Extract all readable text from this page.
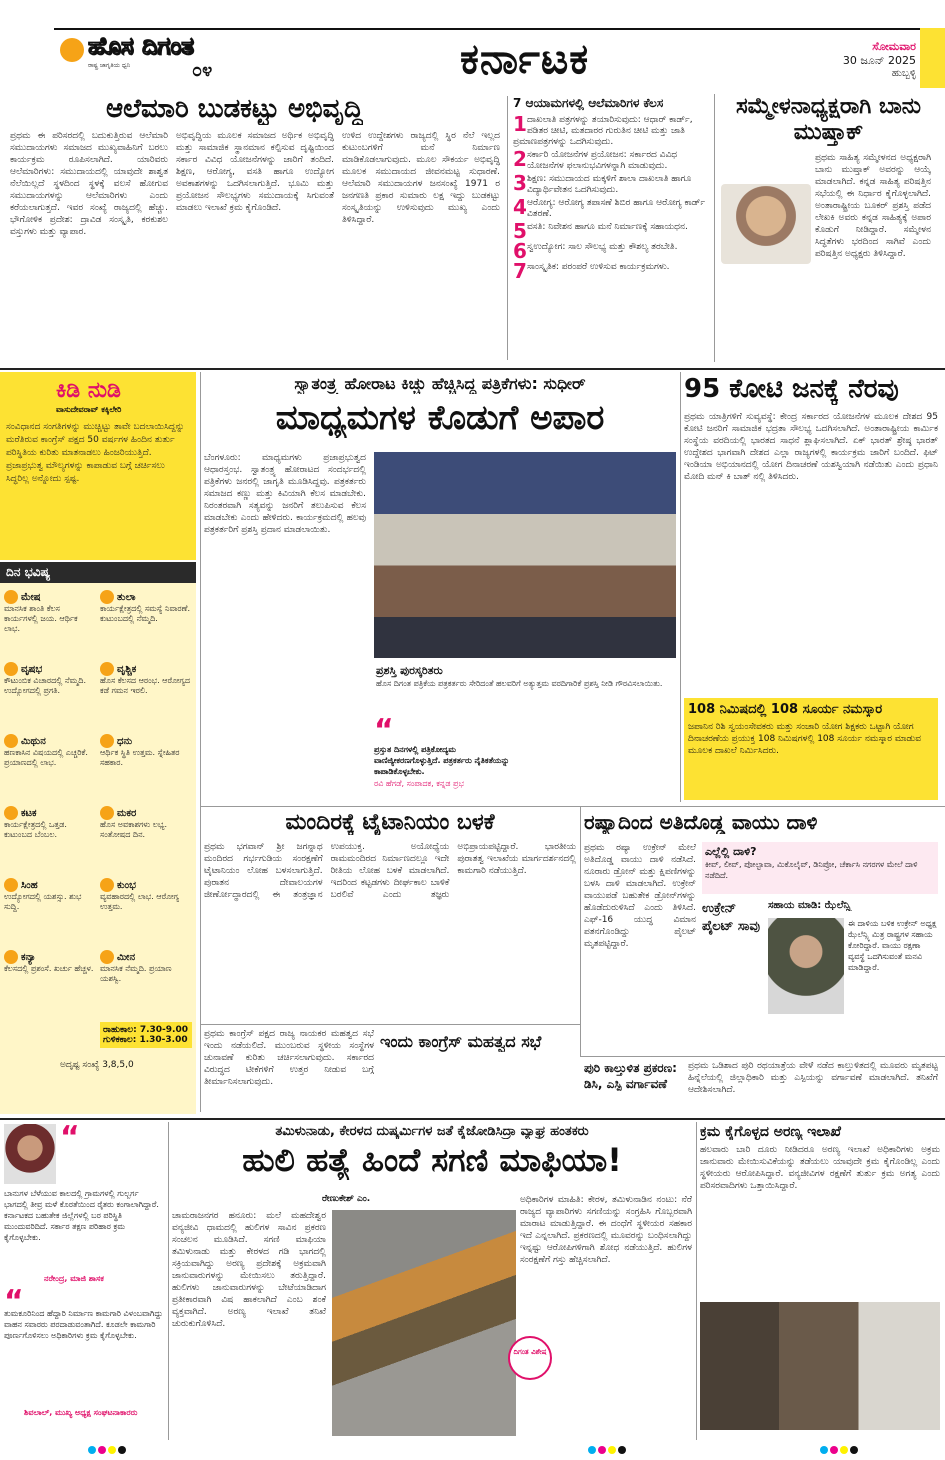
ಹೊಸ ದಿಗಂತ
ರಾಷ್ಟ್ರ ಜಾಗೃತಿಯ ಧ್ವನಿ	೦೪	ಕರ್ನಾಟಕ	ಸೋಮವಾರ
30 ಜೂನ್ 2025
ಹುಬ್ಬಳ್ಳಿ
ಆಲೆಮಾರಿ ಬುಡಕಟ್ಟು ಅಭಿವೃದ್ಧಿ
ಪ್ರಥಮ ಈ ಪರಿಸರದಲ್ಲಿ ಬದುಕುತ್ತಿರುವ ಆಲೆಮಾರಿ ಸಮುದಾಯಗಳು ಸಮಾಜದ ಮುಖ್ಯವಾಹಿನಿಗೆ ಬರಲು ಕಾರ್ಯಕ್ರಮ ರೂಪಿಸಲಾಗಿದೆ. ಯಾರಿವರು ಆಲೆಮಾರಿಗಳು: ಸಮುದಾಯದಲ್ಲಿ ಯಾವುದೇ ಶಾಶ್ವತ ನೆಲೆಯಿಲ್ಲದೆ ಸ್ಥಳದಿಂದ ಸ್ಥಳಕ್ಕೆ ವಲಸೆ ಹೋಗುವ ಸಮುದಾಯಗಳನ್ನು ಆಲೆಮಾರಿಗಳು ಎಂದು ಕರೆಯಲಾಗುತ್ತದೆ. ಇವರ ಸಂಖ್ಯೆ ರಾಜ್ಯದಲ್ಲಿ ಹೆಚ್ಚು. ಭೌಗೋಳಿಕ ಪ್ರದೇಶ: ದ್ರಾವಿಡ ಸಂಸ್ಕೃತಿ, ಕರಕುಶಲ ವಸ್ತುಗಳು ಮತ್ತು ವ್ಯಾಪಾರ.
ಅಭಿವೃದ್ಧಿಯ ಮೂಲಕ ಸಮಾಜದ ಅರ್ಥಿಕ ಅಭಿವೃದ್ಧಿ ಮತ್ತು ಸಾಮಾಜಿಕ ಸ್ಥಾನಮಾನ ಕಲ್ಪಿಸುವ ದೃಷ್ಟಿಯಿಂದ ಸರ್ಕಾರ ವಿವಿಧ ಯೋಜನೆಗಳನ್ನು ಜಾರಿಗೆ ತಂದಿದೆ. ಶಿಕ್ಷಣ, ಆರೋಗ್ಯ, ವಸತಿ ಹಾಗೂ ಉದ್ಯೋಗ ಅವಕಾಶಗಳನ್ನು ಒದಗಿಸಲಾಗುತ್ತಿದೆ. ಭೂಮಿ ಮತ್ತು ಪ್ರಯೋಜನ ಸೌಲಭ್ಯಗಳು ಸಮುದಾಯಕ್ಕೆ ಸಿಗುವಂತೆ ಮಾಡಲು ಇಲಾಖೆ ಕ್ರಮ ಕೈಗೊಂಡಿದೆ.
ಉಳಿದ ಉದ್ದೇಶಗಳು ರಾಜ್ಯದಲ್ಲಿ ಸ್ಥಿರ ನೆಲೆ ಇಲ್ಲದ ಕುಟುಂಬಗಳಿಗೆ ಮನೆ ನಿರ್ಮಾಣ ಮಾಡಿಕೊಡಲಾಗುವುದು. ಮೂಲ ಸೌಕರ್ಯ ಅಭಿವೃದ್ಧಿ ಮೂಲಕ ಸಮುದಾಯದ ಜೀವನಮಟ್ಟ ಸುಧಾರಣೆ. ಆಲೆಮಾರಿ ಸಮುದಾಯಗಳ ಜನಸಂಖ್ಯೆ 1971 ರ ಜನಗಣತಿ ಪ್ರಕಾರ ಸುಮಾರು ಲಕ್ಷ ಇದ್ದು ಬುಡಕಟ್ಟು ಸಂಸ್ಕೃತಿಯನ್ನು ಉಳಿಸುವುದು ಮುಖ್ಯ ಎಂದು ತಿಳಿಸಿದ್ದಾರೆ.
7 ಆಯಾಮಗಳಲ್ಲಿ ಆಲೆಮಾರಿಗಳ ಕೆಲಸ
1 ದಾಖಲಾತಿ ಪತ್ರಗಳನ್ನು ತಯಾರಿಸುವುದು: ಆಧಾರ್ ಕಾರ್ಡ್, ಪಡಿತರ ಚೀಟಿ, ಮತದಾರರ ಗುರುತಿನ ಚೀಟಿ ಮತ್ತು ಜಾತಿ ಪ್ರಮಾಣಪತ್ರಗಳನ್ನು ಒದಗಿಸುವುದು.
2 ಸರ್ಕಾರಿ ಯೋಜನೆಗಳ ಪ್ರಯೋಜನ: ಸರ್ಕಾರದ ವಿವಿಧ ಯೋಜನೆಗಳ ಫಲಾನುಭವಿಗಳನ್ನಾಗಿ ಮಾಡುವುದು.
3 ಶಿಕ್ಷಣ: ಸಮುದಾಯದ ಮಕ್ಕಳಿಗೆ ಶಾಲಾ ದಾಖಲಾತಿ ಹಾಗೂ ವಿದ್ಯಾರ್ಥಿವೇತನ ಒದಗಿಸುವುದು.
4 ಆರೋಗ್ಯ: ಆರೋಗ್ಯ ತಪಾಸಣೆ ಶಿಬಿರ ಹಾಗೂ ಆರೋಗ್ಯ ಕಾರ್ಡ್ ವಿತರಣೆ.
5 ವಸತಿ: ನಿವೇಶನ ಹಾಗೂ ಮನೆ ನಿರ್ಮಾಣಕ್ಕೆ ಸಹಾಯಧನ.
6 ಸ್ವಉದ್ಯೋಗ: ಸಾಲ ಸೌಲಭ್ಯ ಮತ್ತು ಕೌಶಲ್ಯ ತರಬೇತಿ.
7 ಸಾಂಸ್ಕೃತಿಕ: ಪರಂಪರೆ ಉಳಿಸುವ ಕಾರ್ಯಕ್ರಮಗಳು.
ಸಮ್ಮೇಳನಾಧ್ಯಕ್ಷರಾಗಿ ಬಾನು ಮುಷ್ತಾಕ್
ಪ್ರಥಮ ಸಾಹಿತ್ಯ ಸಮ್ಮೇಳನದ ಅಧ್ಯಕ್ಷರಾಗಿ ಬಾನು ಮುಷ್ತಾಕ್ ಅವರನ್ನು ಆಯ್ಕೆ ಮಾಡಲಾಗಿದೆ. ಕನ್ನಡ ಸಾಹಿತ್ಯ ಪರಿಷತ್ತಿನ ಸಭೆಯಲ್ಲಿ ಈ ನಿರ್ಧಾರ ಕೈಗೊಳ್ಳಲಾಗಿದೆ. ಅಂತಾರಾಷ್ಟ್ರೀಯ ಬೂಕರ್ ಪ್ರಶಸ್ತಿ ಪಡೆದ ಲೇಖಕಿ ಅವರು ಕನ್ನಡ ಸಾಹಿತ್ಯಕ್ಕೆ ಅಪಾರ ಕೊಡುಗೆ ನೀಡಿದ್ದಾರೆ. ಸಮ್ಮೇಳನ ಸಿದ್ಧತೆಗಳು ಭರದಿಂದ ಸಾಗಿವೆ ಎಂದು ಪರಿಷತ್ತಿನ ಅಧ್ಯಕ್ಷರು ತಿಳಿಸಿದ್ದಾರೆ.
ಕಿಡಿ ನುಡಿ
ವಾಸುದೇವರಾವ್ ಕಕ್ಕಿಲೇರಿ
ಸಂವಿಧಾನದ ಸಂಗತಿಗಳನ್ನು ಮುಚ್ಚಿಟ್ಟು ತಾವೇ ಬದಲಾಯಿಸಿದ್ದನ್ನು ಮರೆತಿರುವ ಕಾಂಗ್ರೆಸ್ ಪಕ್ಷದ 50 ವರ್ಷಗಳ ಹಿಂದಿನ ತುರ್ತು ಪರಿಸ್ಥಿತಿಯ ಕುರಿತು ಮಾತನಾಡಲು ಹಿಂಜರಿಯುತ್ತಿದೆ. ಪ್ರಜಾಪ್ರಭುತ್ವ ಮೌಲ್ಯಗಳನ್ನು ಕಾಪಾಡುವ ಬಗ್ಗೆ ಚರ್ಚಿಸಲು ಸಿದ್ಧರಿಲ್ಲ ಅನ್ನೋದು ಸ್ಪಷ್ಟ.
ದಿನ ಭವಿಷ್ಯ
ಮೇಷ
ಮಾನಸಿಕ ಶಾಂತಿ ಕೆಲಸ ಕಾರ್ಯಗಳಲ್ಲಿ ಜಯ. ಆರ್ಥಿಕ ಲಾಭ.
ತುಲಾ
ಕಾರ್ಯಕ್ಷೇತ್ರದಲ್ಲಿ ಸಮಸ್ಯೆ ನಿವಾರಣೆ. ಕುಟುಂಬದಲ್ಲಿ ನೆಮ್ಮದಿ.
ವೃಷಭ
ಕೌಟುಂಬಿಕ ವಿಚಾರದಲ್ಲಿ ನೆಮ್ಮದಿ. ಉದ್ಯೋಗದಲ್ಲಿ ಪ್ರಗತಿ.
ವೃಶ್ಚಿಕ
ಹೊಸ ಕೆಲಸದ ಆರಂಭ. ಆರೋಗ್ಯದ ಕಡೆ ಗಮನ ಇರಲಿ.
ಮಿಥುನ
ಹಣಕಾಸಿನ ವಿಷಯದಲ್ಲಿ ಎಚ್ಚರಿಕೆ. ಪ್ರಯಾಣದಲ್ಲಿ ಲಾಭ.
ಧನು
ಆರ್ಥಿಕ ಸ್ಥಿತಿ ಉತ್ತಮ. ಸ್ನೇಹಿತರ ಸಹಕಾರ.
ಕಟಕ
ಕಾರ್ಯಕ್ಷೇತ್ರದಲ್ಲಿ ಒತ್ತಡ. ಕುಟುಂಬದ ಬೆಂಬಲ.
ಮಕರ
ಹೊಸ ಅವಕಾಶಗಳು ಲಭ್ಯ. ಸಂತೋಷದ ದಿನ.
ಸಿಂಹ
ಉದ್ಯೋಗದಲ್ಲಿ ಯಶಸ್ಸು. ಶುಭ ಸುದ್ದಿ.
ಕುಂಭ
ವ್ಯವಹಾರದಲ್ಲಿ ಲಾಭ. ಆರೋಗ್ಯ ಉತ್ತಮ.
ಕನ್ಯಾ
ಕೆಲಸದಲ್ಲಿ ಪ್ರಶಂಸೆ. ಖರ್ಚು ಹೆಚ್ಚಳ.
ಮೀನ
ಮಾನಸಿಕ ನೆಮ್ಮದಿ. ಪ್ರಯಾಣ ಯಶಸ್ವಿ.
ರಾಹುಕಾಲ: 7.30-9.00
ಗುಳಿಕಕಾಲ: 1.30-3.00
ಅದೃಷ್ಟ ಸಂಖ್ಯೆ 3,8,5,0
ಸ್ವಾತಂತ್ರ್ಯ ಹೋರಾಟ ಕಿಚ್ಚು ಹೆಚ್ಚಿಸಿದ್ದ ಪತ್ರಿಕೆಗಳು: ಸುಧೀರ್
ಮಾಧ್ಯಮಗಳ ಕೊಡುಗೆ ಅಪಾರ
ಬೆಂಗಳೂರು: ಮಾಧ್ಯಮಗಳು ಪ್ರಜಾಪ್ರಭುತ್ವದ ಆಧಾರಸ್ತಂಭ. ಸ್ವಾತಂತ್ರ್ಯ ಹೋರಾಟದ ಸಂದರ್ಭದಲ್ಲಿ ಪತ್ರಿಕೆಗಳು ಜನರಲ್ಲಿ ಜಾಗೃತಿ ಮೂಡಿಸಿದ್ದವು. ಪತ್ರಕರ್ತರು ಸಮಾಜದ ಕಣ್ಣು ಮತ್ತು ಕಿವಿಯಾಗಿ ಕೆಲಸ ಮಾಡಬೇಕು. ನಿರಂತರವಾಗಿ ಸತ್ಯವನ್ನು ಜನರಿಗೆ ತಲುಪಿಸುವ ಕೆಲಸ ಮಾಡಬೇಕು ಎಂದು ಹೇಳಿದರು. ಕಾರ್ಯಕ್ರಮದಲ್ಲಿ ಹಲವು ಪತ್ರಕರ್ತರಿಗೆ ಪ್ರಶಸ್ತಿ ಪ್ರದಾನ ಮಾಡಲಾಯಿತು.
ಪ್ರಶಸ್ತಿ ಪುರಸ್ಕರಿತರು
ಹೊಸ ದಿಗಂತ ಪತ್ರಿಕೆಯ ಪತ್ರಕರ್ತರು ಸೇರಿದಂತೆ ಹಲವರಿಗೆ ಅತ್ಯುತ್ತಮ ವರದಿಗಾರಿಕೆ ಪ್ರಶಸ್ತಿ ನೀಡಿ ಗೌರವಿಸಲಾಯಿತು.
“
ಪ್ರಸ್ತುತ ದಿನಗಳಲ್ಲಿ ಪತ್ರಿಕೋದ್ಯಮ ವಾಣಿಜ್ಯೀಕರಣಗೊಳ್ಳುತ್ತಿದೆ. ಪತ್ರಕರ್ತರು ನೈತಿಕತೆಯನ್ನು ಕಾಪಾಡಿಕೊಳ್ಳಬೇಕು.
ರವಿ ಹೆಗಡೆ, ಸಂಪಾದಕ, ಕನ್ನಡ ಪ್ರಭ
95 ಕೋಟಿ ಜನಕ್ಕೆ ನೆರವು
ಪ್ರಥಮ ಯಾತ್ರಿಗಳಿಗೆ ಸುವ್ಯವಸ್ಥೆ: ಕೇಂದ್ರ ಸರ್ಕಾರದ ಯೋಜನೆಗಳ ಮೂಲಕ ದೇಶದ 95 ಕೋಟಿ ಜನರಿಗೆ ಸಾಮಾಜಿಕ ಭದ್ರತಾ ಸೌಲಭ್ಯ ಒದಗಿಸಲಾಗಿದೆ. ಅಂತಾರಾಷ್ಟ್ರೀಯ ಕಾರ್ಮಿಕ ಸಂಸ್ಥೆಯ ವರದಿಯಲ್ಲಿ ಭಾರತದ ಸಾಧನೆ ಶ್ಲಾಘಿಸಲಾಗಿದೆ. ಏಕ್ ಭಾರತ್ ಶ್ರೇಷ್ಠ ಭಾರತ್ ಉದ್ದೇಶದ ಭಾಗವಾಗಿ ದೇಶದ ಎಲ್ಲಾ ರಾಜ್ಯಗಳಲ್ಲಿ ಕಾರ್ಯಕ್ರಮ ಜಾರಿಗೆ ಬಂದಿದೆ. ಫಿಟ್ ಇಂಡಿಯಾ ಅಭಿಯಾನದಲ್ಲಿ ಯೋಗ ದಿನಾಚರಣೆ ಯಶಸ್ವಿಯಾಗಿ ನಡೆಯಿತು ಎಂದು ಪ್ರಧಾನಿ ಮೋದಿ ಮನ್ ಕಿ ಬಾತ್ ನಲ್ಲಿ ತಿಳಿಸಿದರು.
108 ನಿಮಿಷದಲ್ಲಿ 108 ಸೂರ್ಯ ನಮಸ್ಕಾರ
ಜಪಾನಿನ ರಿಶಿ ಸ್ವಯಂಸೇವಕರು ಮತ್ತು ಸಂಚಾರಿ ಯೋಗ ಶಿಕ್ಷಕರು ಒಟ್ಟಾಗಿ ಯೋಗ ದಿನಾಚರಣೆಯ ಪ್ರಯುಕ್ತ 108 ನಿಮಿಷಗಳಲ್ಲಿ 108 ಸೂರ್ಯ ನಮಸ್ಕಾರ ಮಾಡುವ ಮೂಲಕ ದಾಖಲೆ ನಿರ್ಮಿಸಿದರು.
ಮಂದಿರಕ್ಕೆ ಟೈಟಾನಿಯಂ ಬಳಕೆ
ಪ್ರಥಮ ಭಗವಾನ್ ಶ್ರೀ ಜಗನ್ನಾಥ ಮಂದಿರದ ಗರ್ಭಗುಡಿಯ ಸಂರಕ್ಷಣೆಗೆ ಟೈಟಾನಿಯಂ ಲೋಹ ಬಳಸಲಾಗುತ್ತಿದೆ. ಪುರಾತನ ದೇವಾಲಯಗಳ ಜೀರ್ಣೋದ್ಧಾರದಲ್ಲಿ ಈ ತಂತ್ರಜ್ಞಾನ ಉಪಯುಕ್ತ. ಅಯೋಧ್ಯೆಯ ರಾಮಮಂದಿರದ ನಿರ್ಮಾಣದಲ್ಲೂ ಇದೇ ರೀತಿಯ ಲೋಹ ಬಳಕೆ ಮಾಡಲಾಗಿದೆ. ಇದರಿಂದ ಕಟ್ಟಡಗಳು ದೀರ್ಘಕಾಲ ಬಾಳಿಕೆ ಬರಲಿವೆ ಎಂದು ತಜ್ಞರು ಅಭಿಪ್ರಾಯಪಟ್ಟಿದ್ದಾರೆ. ಭಾರತೀಯ ಪುರಾತತ್ವ ಇಲಾಖೆಯ ಮಾರ್ಗದರ್ಶನದಲ್ಲಿ ಕಾಮಗಾರಿ ನಡೆಯುತ್ತಿದೆ.
ಪ್ರಥಮ ಕಾಂಗ್ರೆಸ್ ಪಕ್ಷದ ರಾಜ್ಯ ನಾಯಕರ ಮಹತ್ವದ ಸಭೆ ಇಂದು ನಡೆಯಲಿದೆ. ಮುಂಬರುವ ಸ್ಥಳೀಯ ಸಂಸ್ಥೆಗಳ ಚುನಾವಣೆ ಕುರಿತು ಚರ್ಚಿಸಲಾಗುವುದು. ಸರ್ಕಾರದ ವಿರುದ್ಧದ ಟೀಕೆಗಳಿಗೆ ಉತ್ತರ ನೀಡುವ ಬಗ್ಗೆ ತೀರ್ಮಾನಿಸಲಾಗುವುದು.
ಇಂದು ಕಾಂಗ್ರೆಸ್ ಮಹತ್ವದ ಸಭೆ
ರಷ್ಯಾದಿಂದ ಅತಿದೊಡ್ಡ ವಾಯು ದಾಳಿ
ಪ್ರಥಮ ರಷ್ಯಾ ಉಕ್ರೇನ್ ಮೇಲೆ ಅತಿದೊಡ್ಡ ವಾಯು ದಾಳಿ ನಡೆಸಿದೆ. ನೂರಾರು ಡ್ರೋನ್ ಮತ್ತು ಕ್ಷಿಪಣಿಗಳನ್ನು ಬಳಸಿ ದಾಳಿ ಮಾಡಲಾಗಿದೆ. ಉಕ್ರೇನ್ ವಾಯುಪಡೆ ಬಹುತೇಕ ಡ್ರೋನ್‌ಗಳನ್ನು ಹೊಡೆದುರುಳಿಸಿದೆ ಎಂದು ತಿಳಿಸಿದೆ. ಎಫ್-16 ಯುದ್ಧ ವಿಮಾನ ಪತನಗೊಂಡಿದ್ದು ಪೈಲಟ್ ಮೃತಪಟ್ಟಿದ್ದಾರೆ.
ಎಲ್ಲೆಲ್ಲಿ ದಾಳಿ?
ಕೀವ್, ಲೀವ್, ಪೋಲ್ಟಾವಾ, ಮಿಕೊಲೈವ್, ಡಿನಿಪ್ರೋ, ಚೆರ್ಕಾಸಿ ನಗರಗಳ ಮೇಲೆ ದಾಳಿ ನಡೆದಿದೆ.
ಉಕ್ರೇನ್ ಪೈಲಟ್ ಸಾವು
ಸಹಾಯ ಮಾಡಿ: ಝೆಲೆನ್ಸ್ಕಿ
ಈ ದಾಳಿಯ ಬಳಿಕ ಉಕ್ರೇನ್ ಅಧ್ಯಕ್ಷ ಝೆಲೆನ್ಸ್ಕಿ ಮಿತ್ರ ರಾಷ್ಟ್ರಗಳ ಸಹಾಯ ಕೋರಿದ್ದಾರೆ. ವಾಯು ರಕ್ಷಣಾ ವ್ಯವಸ್ಥೆ ಒದಗಿಸುವಂತೆ ಮನವಿ ಮಾಡಿದ್ದಾರೆ.
ಪುರಿ ಕಾಲ್ತುಳಿತ ಪ್ರಕರಣ: ಡಿಸಿ, ಎಸ್ಪಿ ವರ್ಗಾವಣೆ
ಪ್ರಥಮ ಒಡಿಶಾದ ಪುರಿ ರಥಯಾತ್ರೆಯ ವೇಳೆ ನಡೆದ ಕಾಲ್ತುಳಿತದಲ್ಲಿ ಮೂವರು ಮೃತಪಟ್ಟ ಹಿನ್ನೆಲೆಯಲ್ಲಿ ಜಿಲ್ಲಾಧಿಕಾರಿ ಮತ್ತು ಎಸ್ಪಿಯನ್ನು ವರ್ಗಾವಣೆ ಮಾಡಲಾಗಿದೆ. ತನಿಖೆಗೆ ಆದೇಶಿಸಲಾಗಿದೆ.
“
ಬಾನುಗಳ ಬೆಳೆಯುವ ಕಾಲದಲ್ಲಿ ಗ್ರಾಮಗಳಲ್ಲಿ ಗುಲ್ಬರ್ಗ ಭಾಗದಲ್ಲಿ ತೀವ್ರ ಮಳೆ ಕೊರತೆಯಿಂದ ರೈತರು ಕಂಗಾಲಾಗಿದ್ದಾರೆ. ಕರ್ನಾಟಕದ ಬಹುತೇಕ ಜಿಲ್ಲೆಗಳಲ್ಲಿ ಬರ ಪರಿಸ್ಥಿತಿ ಮುಂದುವರಿದಿದೆ. ಸರ್ಕಾರ ತಕ್ಷಣ ಪರಿಹಾರ ಕ್ರಮ ಕೈಗೊಳ್ಳಬೇಕು.
ನರೇಂದ್ರ, ಮಾಜಿ ಶಾಸಕ
“
ತುಮಕೂರಿನಿಂದ ಹೆದ್ದಾರಿ ನಿರ್ಮಾಣ ಕಾಮಗಾರಿ ವಿಳಂಬವಾಗಿದ್ದು ವಾಹನ ಸವಾರರು ಪರದಾಡುವಂತಾಗಿದೆ. ಕೂಡಲೇ ಕಾಮಗಾರಿ ಪೂರ್ಣಗೊಳಿಸಲು ಅಧಿಕಾರಿಗಳು ಕ್ರಮ ಕೈಗೊಳ್ಳಬೇಕು.
ಶಿವಲಾಲ್, ಮುಖ್ಯ ಅಧ್ಯಕ್ಷ ಸಂಘಟನಾಕಾರರು
ತಮಿಳುನಾಡು, ಕೇರಳದ ದುಷ್ಕರ್ಮಿಗಳ ಜತೆ ಕೈಜೋಡಿಸಿದ್ರಾ ವ್ಯಾಘ್ರ ಹಂತಕರು
ಹುಲಿ ಹತ್ಯೆ ಹಿಂದೆ ಸಗಣಿ ಮಾಫಿಯಾ!
ರೇಣುಕೇಶ್ ಎಂ.
ಚಾಮರಾಜನಗರ ಹನೂರು: ಮಲೆ ಮಹದೇಶ್ವರ ವನ್ಯಜೀವಿ ಧಾಮದಲ್ಲಿ ಹುಲಿಗಳ ಸಾವಿನ ಪ್ರಕರಣ ಸಂಚಲನ ಮೂಡಿಸಿದೆ. ಸಗಣಿ ಮಾಫಿಯಾ ತಮಿಳುನಾಡು ಮತ್ತು ಕೇರಳದ ಗಡಿ ಭಾಗದಲ್ಲಿ ಸಕ್ರಿಯವಾಗಿದ್ದು ಅರಣ್ಯ ಪ್ರದೇಶಕ್ಕೆ ಅಕ್ರಮವಾಗಿ ಜಾನುವಾರುಗಳನ್ನು ಮೇಯಿಸಲು ತರುತ್ತಿದ್ದಾರೆ. ಹುಲಿಗಳು ಜಾನುವಾರುಗಳನ್ನು ಬೇಟೆಯಾಡಿದಾಗ ಪ್ರತೀಕಾರವಾಗಿ ವಿಷ ಹಾಕಲಾಗಿದೆ ಎಂಬ ಶಂಕೆ ವ್ಯಕ್ತವಾಗಿದೆ. ಅರಣ್ಯ ಇಲಾಖೆ ತನಿಖೆ ಚುರುಕುಗೊಳಿಸಿದೆ.
ದಿಗಂತ ವಿಶೇಷ
ಅಧಿಕಾರಿಗಳ ಮಾಹಿತಿ: ಕೇರಳ, ತಮಿಳುನಾಡಿನ ನಂಟು: ನೆರೆ ರಾಜ್ಯದ ವ್ಯಾಪಾರಿಗಳು ಸಗಣಿಯನ್ನು ಸಂಗ್ರಹಿಸಿ ಗೊಬ್ಬರವಾಗಿ ಮಾರಾಟ ಮಾಡುತ್ತಿದ್ದಾರೆ. ಈ ದಂಧೆಗೆ ಸ್ಥಳೀಯರ ಸಹಕಾರ ಇದೆ ಎನ್ನಲಾಗಿದೆ. ಪ್ರಕರಣದಲ್ಲಿ ಮೂವರನ್ನು ಬಂಧಿಸಲಾಗಿದ್ದು ಇನ್ನಷ್ಟು ಆರೋಪಿಗಳಿಗಾಗಿ ಶೋಧ ನಡೆಯುತ್ತಿದೆ. ಹುಲಿಗಳ ಸಂರಕ್ಷಣೆಗೆ ಗಸ್ತು ಹೆಚ್ಚಿಸಲಾಗಿದೆ.
ಕ್ರಮ ಕೈಗೊಳ್ಳದ ಅರಣ್ಯ ಇಲಾಖೆ
ಹಲವಾರು ಬಾರಿ ದೂರು ನೀಡಿದರೂ ಅರಣ್ಯ ಇಲಾಖೆ ಅಧಿಕಾರಿಗಳು ಅಕ್ರಮ ಜಾನುವಾರು ಮೇಯಿಸುವಿಕೆಯನ್ನು ತಡೆಯಲು ಯಾವುದೇ ಕ್ರಮ ಕೈಗೊಂಡಿಲ್ಲ ಎಂದು ಸ್ಥಳೀಯರು ಆರೋಪಿಸಿದ್ದಾರೆ. ವನ್ಯಜೀವಿಗಳ ರಕ್ಷಣೆಗೆ ತುರ್ತು ಕ್ರಮ ಅಗತ್ಯ ಎಂದು ಪರಿಸರವಾದಿಗಳು ಒತ್ತಾಯಿಸಿದ್ದಾರೆ.
